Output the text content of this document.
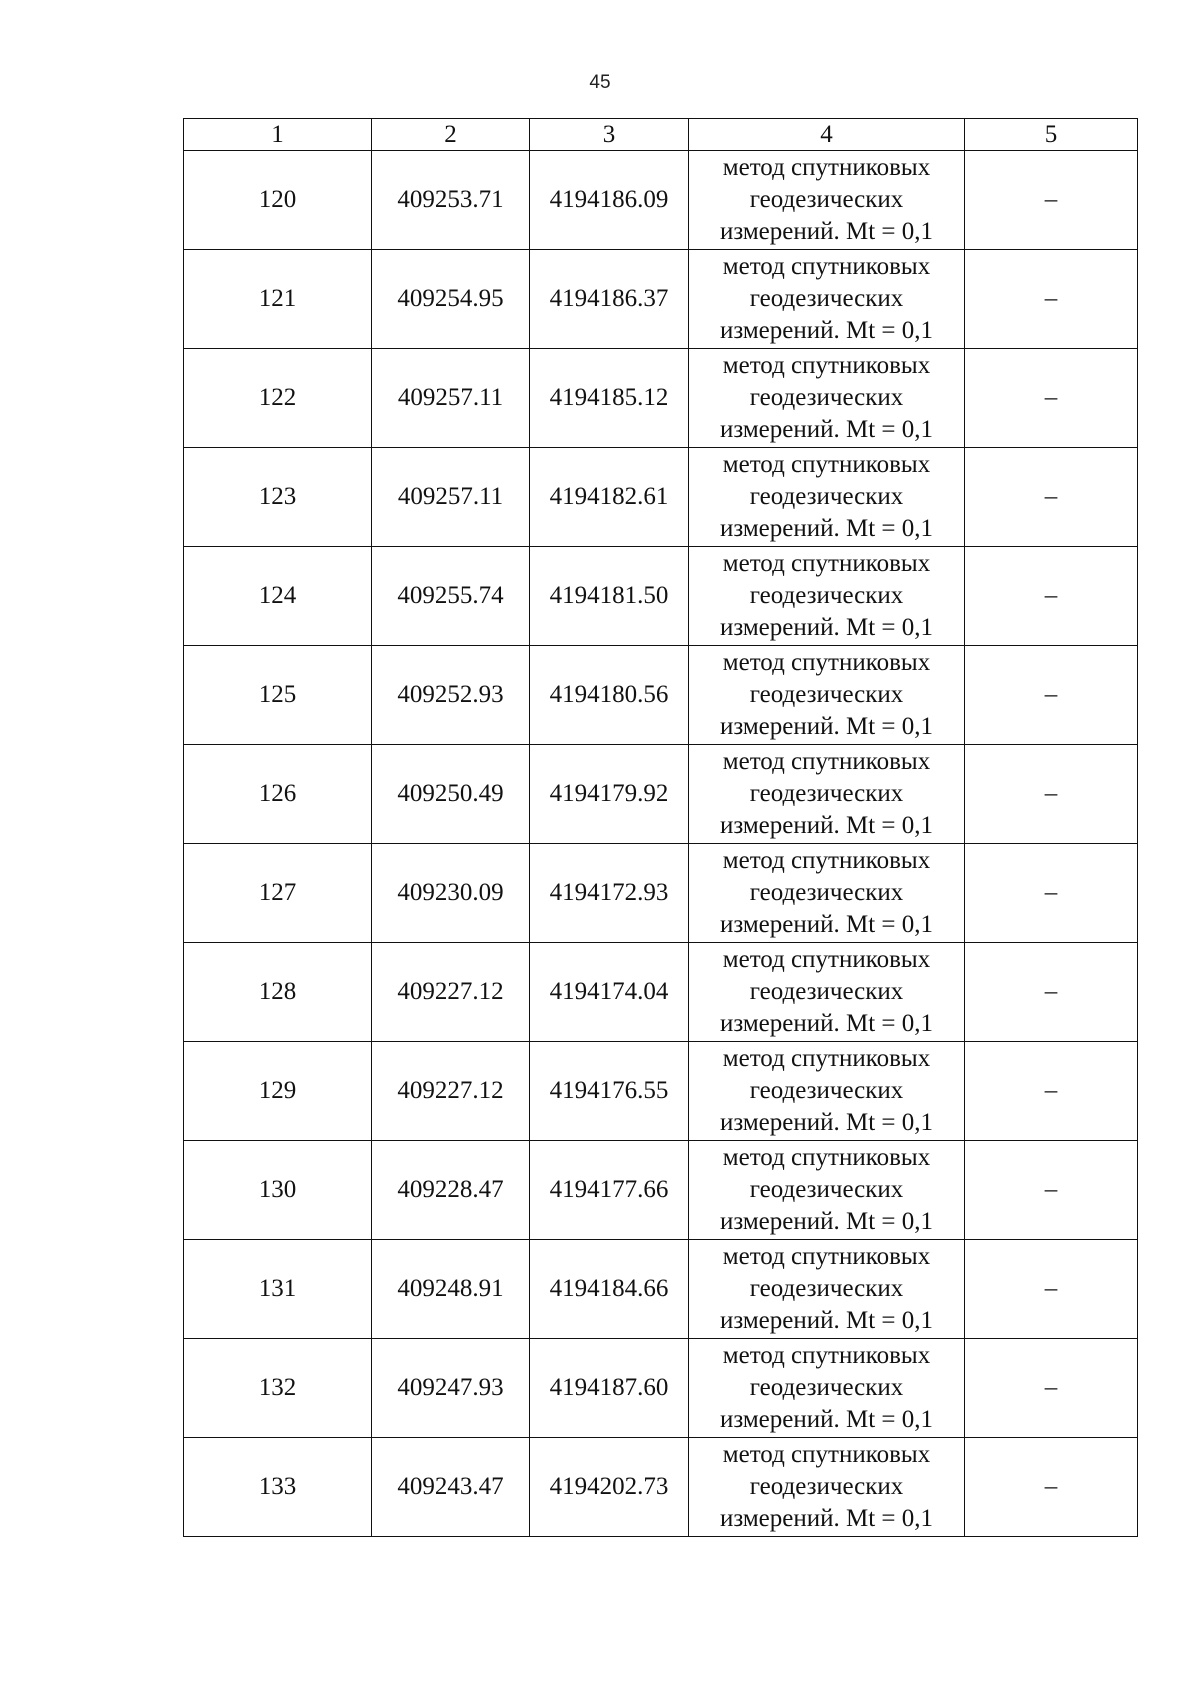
45
1	2	3	4	5
120	409253.71	4194186.09	метод спутниковых
геодезических
измерений. Mt = 0,1	–
121	409254.95	4194186.37	метод спутниковых
геодезических
измерений. Mt = 0,1	–
122	409257.11	4194185.12	метод спутниковых
геодезических
измерений. Mt = 0,1	–
123	409257.11	4194182.61	метод спутниковых
геодезических
измерений. Mt = 0,1	–
124	409255.74	4194181.50	метод спутниковых
геодезических
измерений. Mt = 0,1	–
125	409252.93	4194180.56	метод спутниковых
геодезических
измерений. Mt = 0,1	–
126	409250.49	4194179.92	метод спутниковых
геодезических
измерений. Mt = 0,1	–
127	409230.09	4194172.93	метод спутниковых
геодезических
измерений. Mt = 0,1	–
128	409227.12	4194174.04	метод спутниковых
геодезических
измерений. Mt = 0,1	–
129	409227.12	4194176.55	метод спутниковых
геодезических
измерений. Mt = 0,1	–
130	409228.47	4194177.66	метод спутниковых
геодезических
измерений. Mt = 0,1	–
131	409248.91	4194184.66	метод спутниковых
геодезических
измерений. Mt = 0,1	–
132	409247.93	4194187.60	метод спутниковых
геодезических
измерений. Mt = 0,1	–
133	409243.47	4194202.73	метод спутниковых
геодезических
измерений. Mt = 0,1	–
